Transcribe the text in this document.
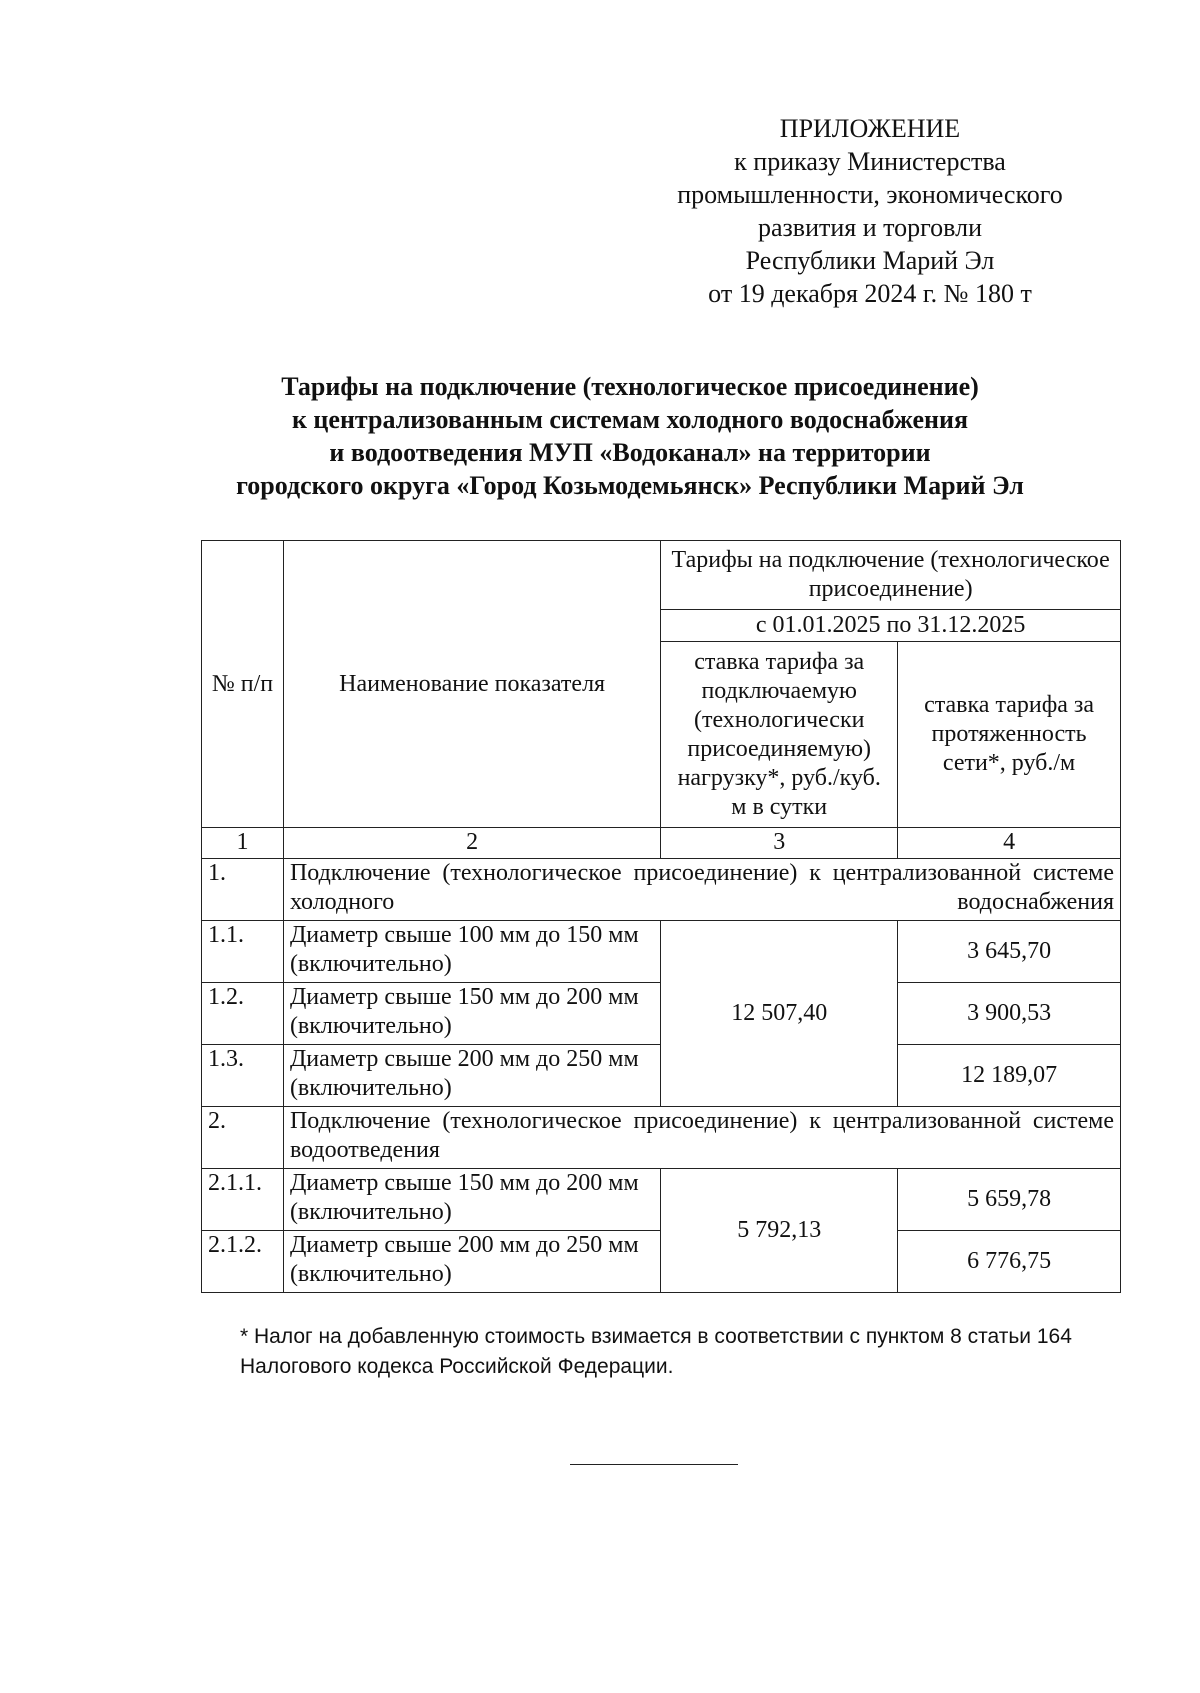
ПРИЛОЖЕНИЕ
к приказу Министерства
промышленности, экономического
развития и торговли
Республики Марий Эл
от 19 декабря 2024 г. № 180 т
Тарифы на подключение (технологическое присоединение)
к централизованным системам холодного водоснабжения
и водоотведения МУП «Водоканал» на территории
городского округа «Город Козьмодемьянск» Республики Марий Эл
№ п/п	Наименование показателя	Тарифы на подключение (технологическое присоединение)	
		с 01.01.2025 по 31.12.2025	
		ставка тарифа за подключаемую (технологически присоединяемую) нагрузку*, руб./куб. м в сутки	ставка тарифа за протяженность сети*, руб./м
1	2	3	4
1.	Подключение (технологическое присоединение) к централизованной системе холодного водоснабжения		
1.1.	Диаметр свыше 100 мм до 150 мм (включительно)	12 507,40	3 645,70
1.2.	Диаметр свыше 150 мм до 200 мм (включительно)		3 900,53
1.3.	Диаметр свыше 200 мм до 250 мм (включительно)		12 189,07
2.	Подключение (технологическое присоединение) к централизованной системе водоотведения		
2.1.1.	Диаметр свыше 150 мм до 200 мм (включительно)	5 792,13	5 659,78
2.1.2.	Диаметр свыше 200 мм до 250 мм (включительно)		6 776,75
* Налог на добавленную стоимость взимается в соответствии с пунктом 8 статьи 164 Налогового кодекса Российской Федерации.
